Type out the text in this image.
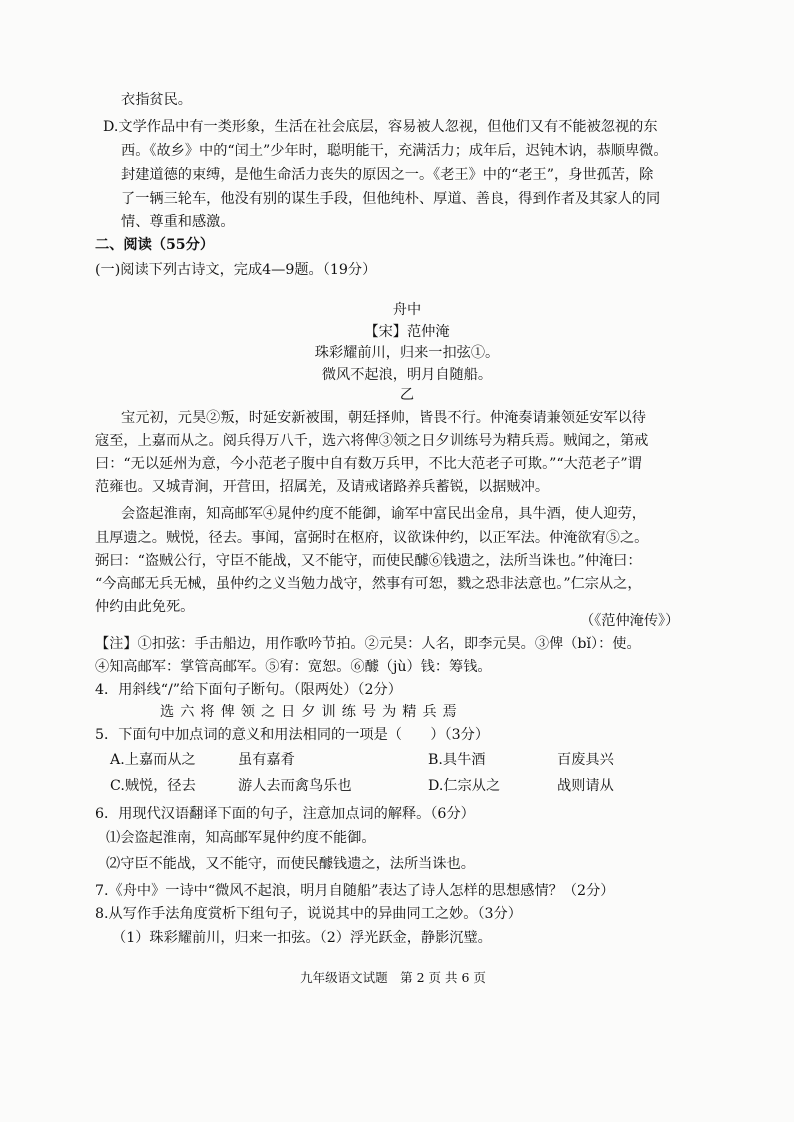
衣指贫民。
D.文学作品中有一类形象，生活在社会底层，容易被人忽视，但他们又有不能被忽视的东
西。《故乡》中的“闰土”少年时，聪明能干，充满活力；成年后，迟钝木讷，恭顺卑微。
封建道德的束缚，是他生命活力丧失的原因之一。《老王》中的“老王”，身世孤苦，除
了一辆三轮车，他没有别的谋生手段，但他纯朴、厚道、善良，得到作者及其家人的同
情、尊重和感激。
二、阅读（55分）
(一)阅读下列古诗文，完成4—9题。（19分）
舟中
【宋】范仲淹
珠彩耀前川，归来一扣弦①。
微风不起浪，明月自随船。
乙
宝元初，元昊②叛，时延安新被围，朝廷择帅，皆畏不行。仲淹奏请兼领延安军以待
寇至，上嘉而从之。阅兵得万八千，选六将俾③领之日夕训练号为精兵焉。贼闻之，第戒
曰：“无以延州为意，今小范老子腹中自有数万兵甲，不比大范老子可欺。”“大范老子”谓
范雍也。又城青涧，开营田，招属羌，及请戒诸路养兵蓄锐，以据贼冲。
会盗起淮南，知高邮军④晁仲约度不能御，谕军中富民出金帛，具牛酒，使人迎劳，
且厚遗之。贼悦，径去。事闻，富弼时在枢府，议欲诛仲约，以正军法。仲淹欲宥⑤之。
弼曰：“盗贼公行，守臣不能战，又不能守，而使民醵⑥钱遗之，法所当诛也。”仲淹曰：
“今高邮无兵无械，虽仲约之义当勉力战守，然事有可恕，戮之恐非法意也。”仁宗从之，
仲约由此免死。
（《范仲淹传》）
【注】①扣弦：手击船边，用作歌吟节拍。②元昊：人名，即李元昊。③俾（bǐ）：使。
④知高邮军：掌管高邮军。⑤宥：宽恕。⑥醵（jù）钱：筹钱。
4．用斜线“/”给下面句子断句。（限两处）（2分）
选六将俾领之日夕训练号为精兵焉
5．下面句中加点词的意义和用法相同的一项是（　　）（3分）
A.上嘉而从之	虽有嘉肴	B.具牛酒	百废具兴
C.贼悦，径去	游人去而禽鸟乐也	D.仁宗从之	战则请从
6．用现代汉语翻译下面的句子，注意加点词的解释。（6分）
⑴会盗起淮南，知高邮军晁仲约度不能御。
⑵守臣不能战，又不能守，而使民醵钱遗之，法所当诛也。
7.《舟中》一诗中“微风不起浪，明月自随船”表达了诗人怎样的思想感情？（2分）
8.从写作手法角度赏析下组句子，说说其中的异曲同工之妙。（3分）
（1）珠彩耀前川，归来一扣弦。（2）浮光跃金，静影沉璧。
九年级语文试题　第 2 页 共 6 页
